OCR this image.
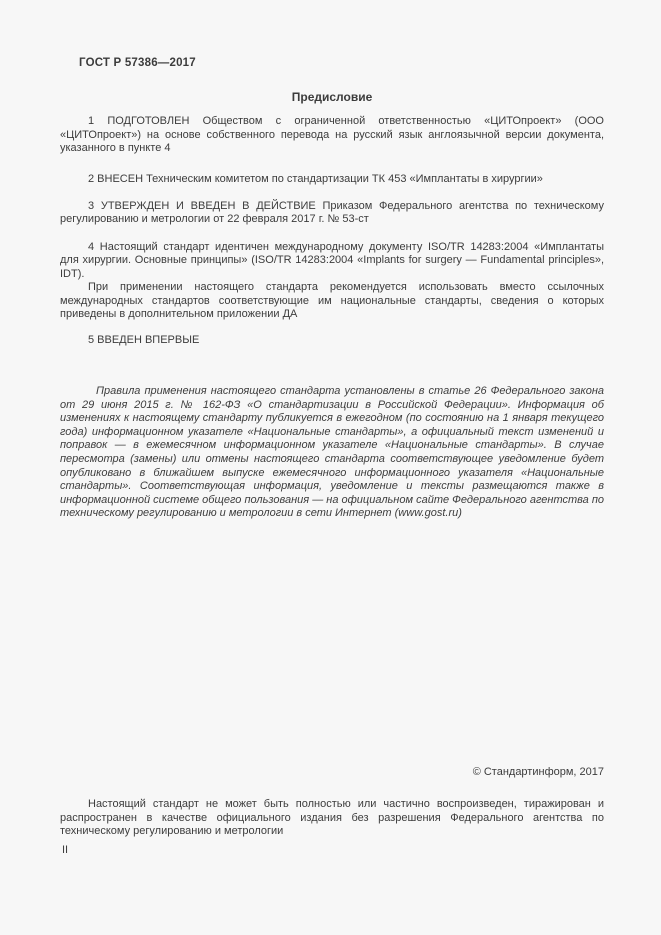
ГОСТ Р 57386—2017
Предисловие

1 ПОДГОТОВЛЕН Обществом с ограниченной ответственностью «ЦИТОпроект» (ООО «ЦИТОпроект») на основе собственного перевода на русский язык англоязычной версии документа, указанного в пункте 4

2 ВНЕСЕН Техническим комитетом по стандартизации ТК 453 «Имплантаты в хирургии»

3 УТВЕРЖДЕН И ВВЕДЕН В ДЕЙСТВИЕ Приказом Федерального агентства по техническому регулированию и метрологии от 22 февраля 2017 г. № 53-ст

4 Настоящий стандарт идентичен международному документу ISO/TR 14283:2004 «Имплантаты для хирургии. Основные принципы» (ISO/TR 14283:2004 «Implants for surgery — Fundamental principles», IDT).

При применении настоящего стандарта рекомендуется использовать вместо ссылочных международных стандартов соответствующие им национальные стандарты, сведения о которых приведены в дополнительном приложении ДА

5 ВВЕДЕН ВПЕРВЫЕ

Правила применения настоящего стандарта установлены в статье 26 Федерального закона от 29 июня 2015 г. № 162-ФЗ «О стандартизации в Российской Федерации». Информация об изменениях к настоящему стандарту публикуется в ежегодном (по состоянию на 1 января текущего года) информационном указателе «Национальные стандарты», а официальный текст изменений и поправок — в ежемесячном информационном указателе «Национальные стандарты». В случае пересмотра (замены) или отмены настоящего стандарта соответствующее уведомление будет опубликовано в ближайшем выпуске ежемесячного информационного указателя «Национальные стандарты». Соответствующая информация, уведомление и тексты размещаются также в информационной системе общего пользования — на официальном сайте Федерального агентства по техническому регулированию и метрологии в сети Интернет (www.gost.ru)

© Стандартинформ, 2017

Настоящий стандарт не может быть полностью или частично воспроизведен, тиражирован и распространен в качестве официального издания без разрешения Федерального агентства по техническому регулированию и метрологии

II
